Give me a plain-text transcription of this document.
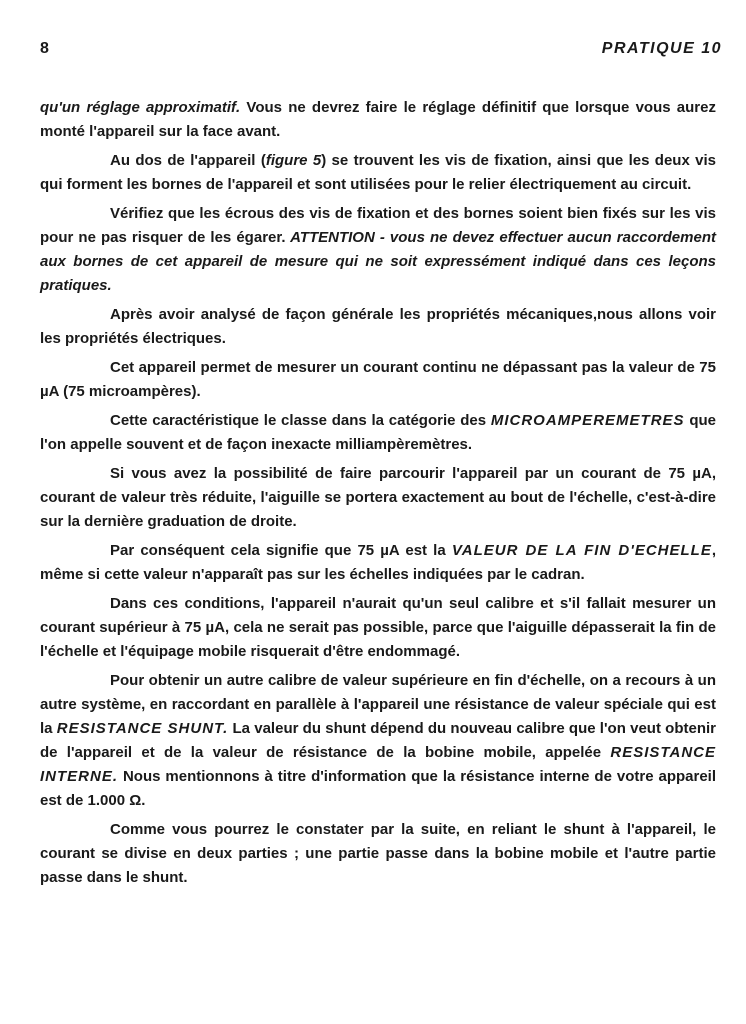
8	PRATIQUE 10

qu'un réglage approximatif. Vous ne devrez faire le réglage définitif que lorsque vous aurez monté l'appareil sur la face avant.

Au dos de l'appareil (figure 5) se trouvent les vis de fixation, ainsi que les deux vis qui forment les bornes de l'appareil et sont utilisées pour le relier électriquement au circuit.

Vérifiez que les écrous des vis de fixation et des bornes soient bien fixés sur les vis pour ne pas risquer de les égarer. ATTENTION - vous ne devez effectuer aucun raccordement aux bornes de cet appareil de mesure qui ne soit expressément indiqué dans ces leçons pratiques.

Après avoir analysé de façon générale les propriétés mécaniques,nous allons voir les propriétés électriques.

Cet appareil permet de mesurer un courant continu ne dépassant pas la valeur de 75 µA (75 microampères).

Cette caractéristique le classe dans la catégorie des MICROAMPEREMETRES que l'on appelle souvent et de façon inexacte milliampèremètres.

Si vous avez la possibilité de faire parcourir l'appareil par un courant de 75 µA, courant de valeur très réduite, l'aiguille se portera exactement au bout de l'échelle, c'est-à-dire sur la dernière graduation de droite.

Par conséquent cela signifie que 75 µA est la VALEUR DE LA FIN D'ECHELLE, même si cette valeur n'apparaît pas sur les échelles indiquées par le cadran.

Dans ces conditions, l'appareil n'aurait qu'un seul calibre et s'il fallait mesurer un courant supérieur à 75 µA, cela ne serait pas possible, parce que l'aiguille dépasserait la fin de l'échelle et l'équipage mobile risquerait d'être endommagé.

Pour obtenir un autre calibre de valeur supérieure en fin d'échelle, on a recours à un autre système, en raccordant en parallèle à l'appareil une résistance de valeur spéciale qui est la RESISTANCE SHUNT. La valeur du shunt dépend du nouveau calibre que l'on veut obtenir de l'appareil et de la valeur de résistance de la bobine mobile, appelée RESISTANCE INTERNE. Nous mentionnons à titre d'information que la résistance interne de votre appareil est de 1.000 Ω.

Comme vous pourrez le constater par la suite, en reliant le shunt à l'appareil, le courant se divise en deux parties ; une partie passe dans la bobine mobile et l'autre partie passe dans le shunt.
